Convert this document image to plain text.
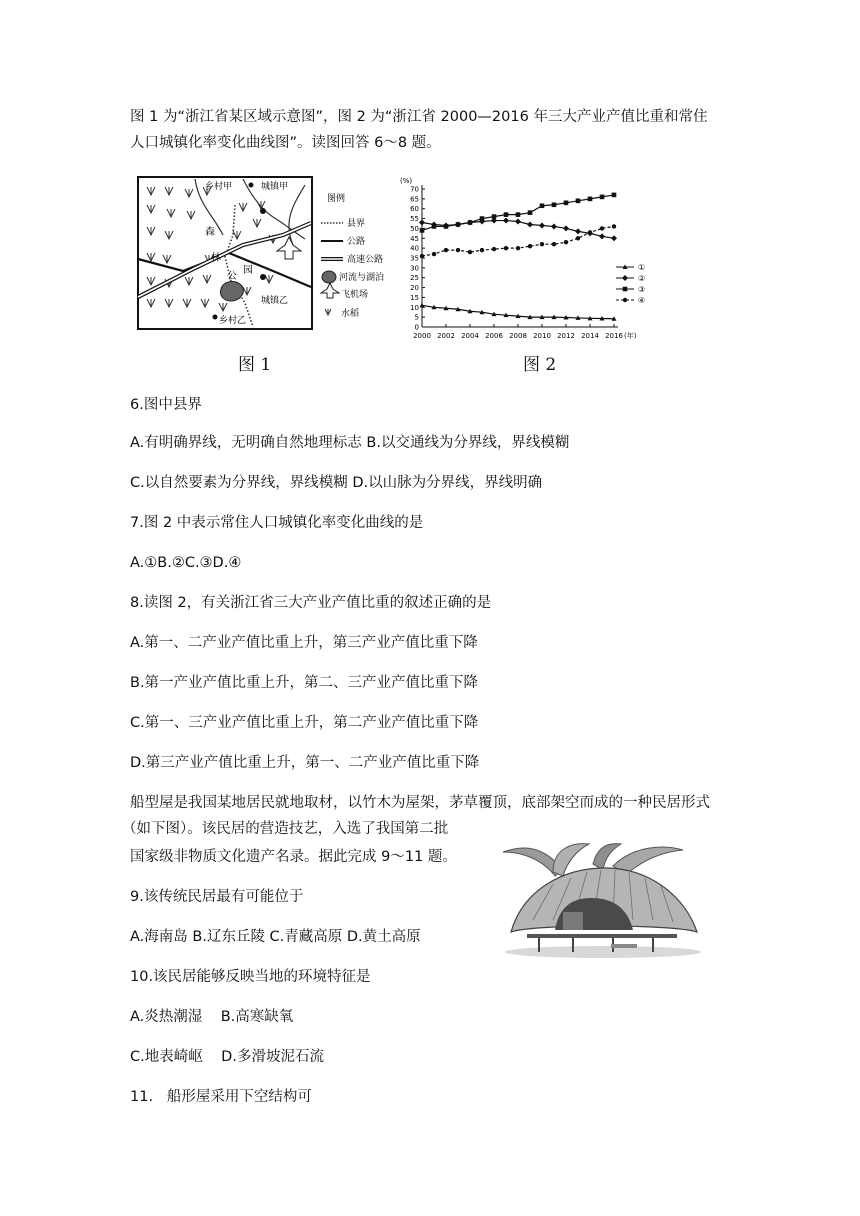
图 1 为“浙江省某区域示意图”，图 2 为“浙江省 2000—2016 年三大产业产值比重和常住
人口城镇化率变化曲线图”。读图回答 6～8 题。
乡村甲	城镇甲
森
林
公
园
城镇乙
乡村乙
图例
县界
公路
高速公路
河流与湖泊
飞机场
水稻
图 1
(%)
0
5
10
15
20
25
30
35
40
45
50
55
60
65
70
2000 2002 2004 2006 2008 2010 2012 2014 2016 (年)
①
②
③
④
图 2
6.图中县界
A.有明确界线，无明确自然地理标志 B.以交通线为分界线，界线模糊
C.以自然要素为分界线，界线模糊 D.以山脉为分界线，界线明确
7.图 2 中表示常住人口城镇化率变化曲线的是
A.①B.②C.③D.④
8.读图 2，有关浙江省三大产业产值比重的叙述正确的是
A.第一、二产业产值比重上升，第三产业产值比重下降
B.第一产业产值比重上升，第二、三产业产值比重下降
C.第一、三产业产值比重上升，第二产业产值比重下降
D.第三产业产值比重上升，第一、二产业产值比重下降
船型屋是我国某地居民就地取材，以竹木为屋架，茅草覆顶，底部架空而成的一种民居形式
（如下图）。该民居的营造技艺，入选了我国第二批
国家级非物质文化遗产名录。据此完成 9～11 题。
9.该传统民居最有可能位于
A.海南岛 B.辽东丘陵 C.青藏高原 D.黄土高原
10.该民居能够反映当地的环境特征是
A.炎热潮湿    B.高寒缺氧
C.地表崎岖    D.多滑坡泥石流
11.   船形屋采用下空结构可
